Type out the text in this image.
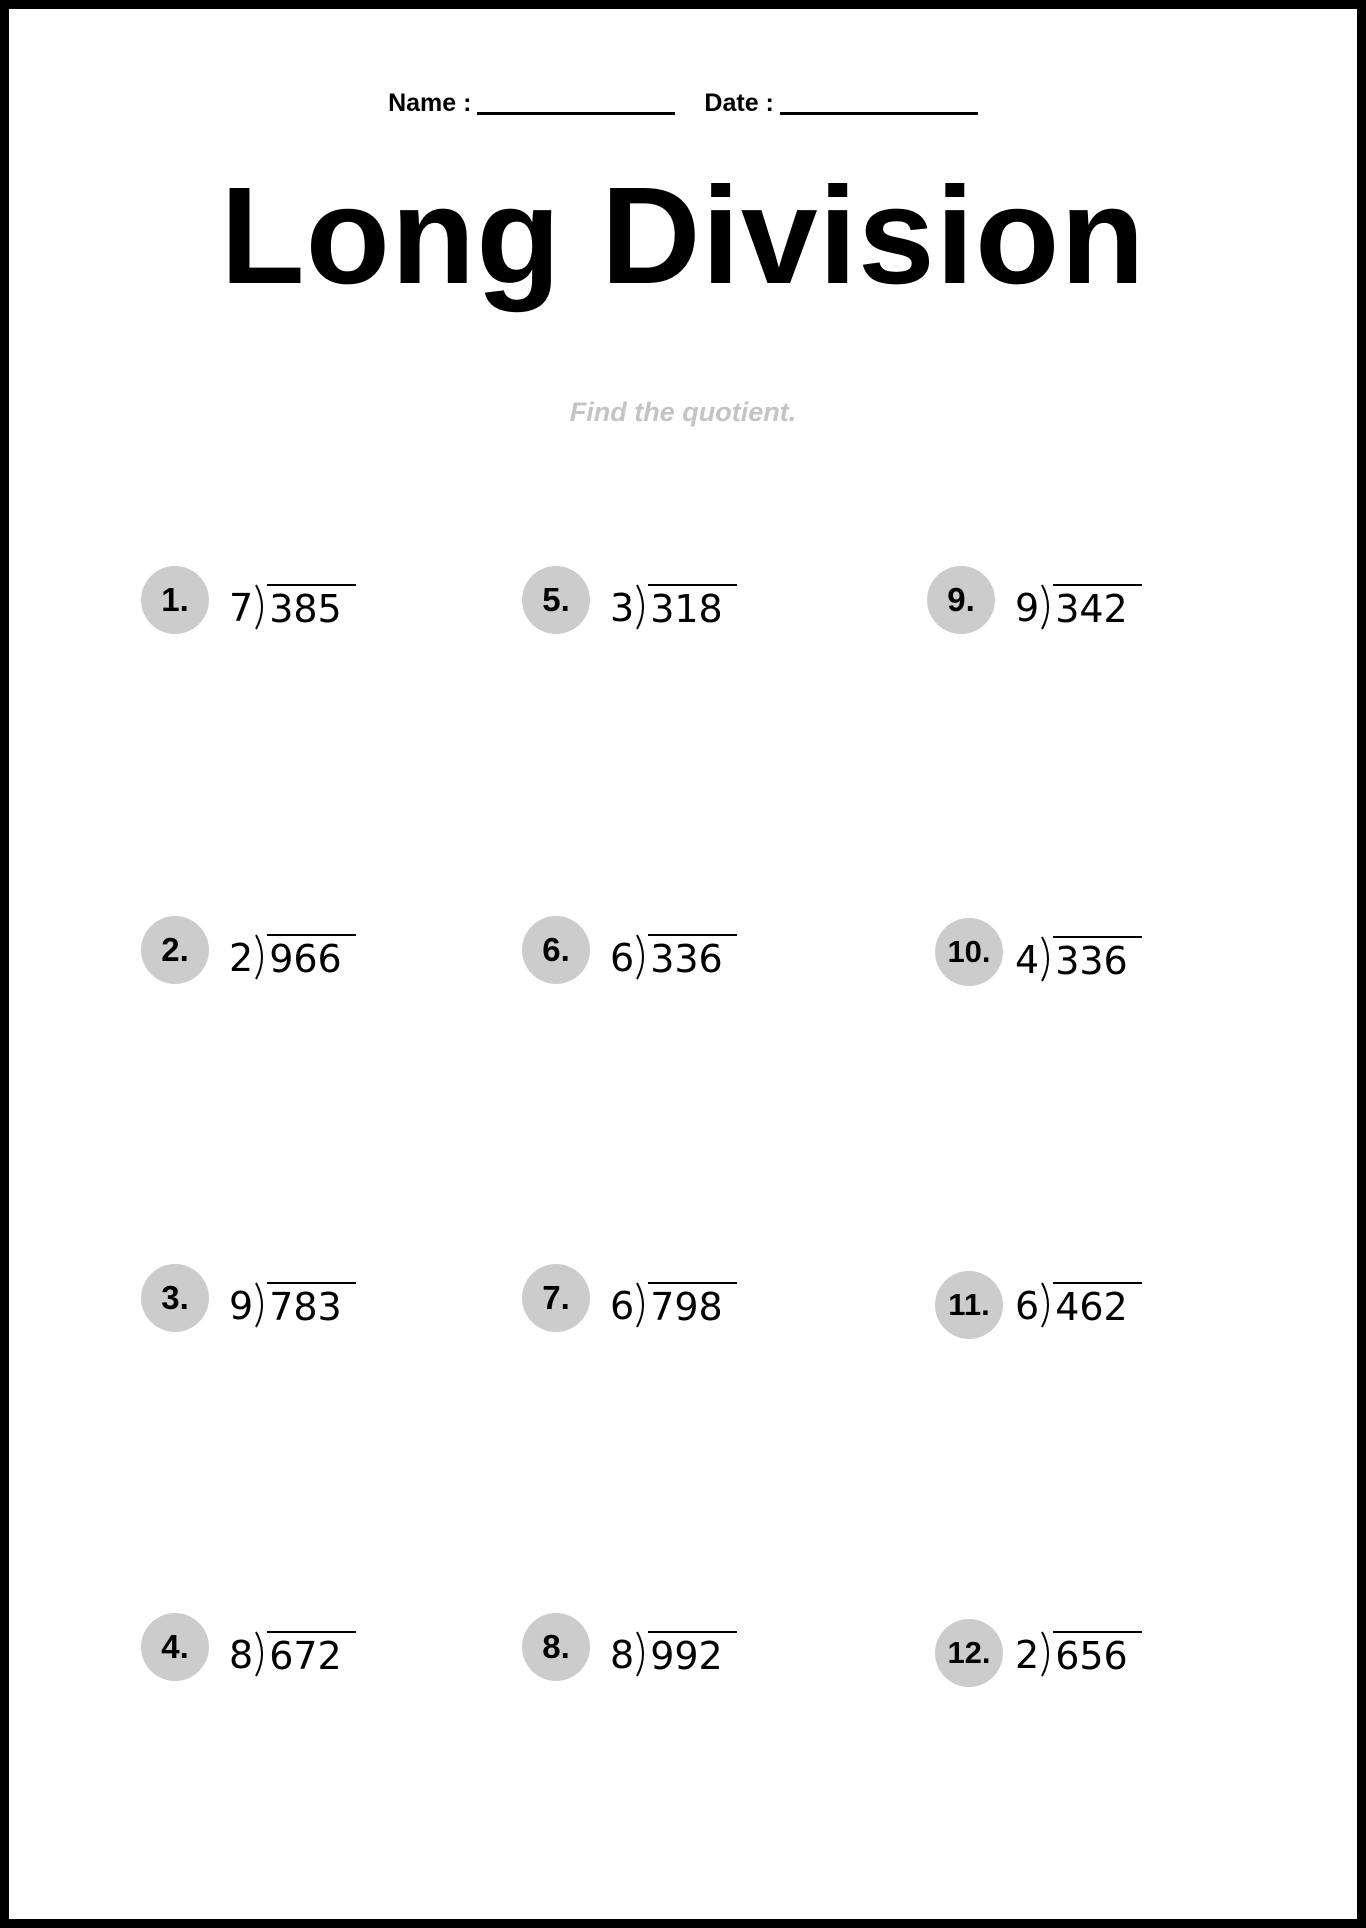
Name :	Date :
Long Division
Find the quotient.
1.	7 385
2.	2 966
3.	9 783
4.	8 672
5.	3 318
6.	6 336
7.	6 798
8.	8 992
9.	9 342
10. 4 336
11. 6 462
12. 2 656
